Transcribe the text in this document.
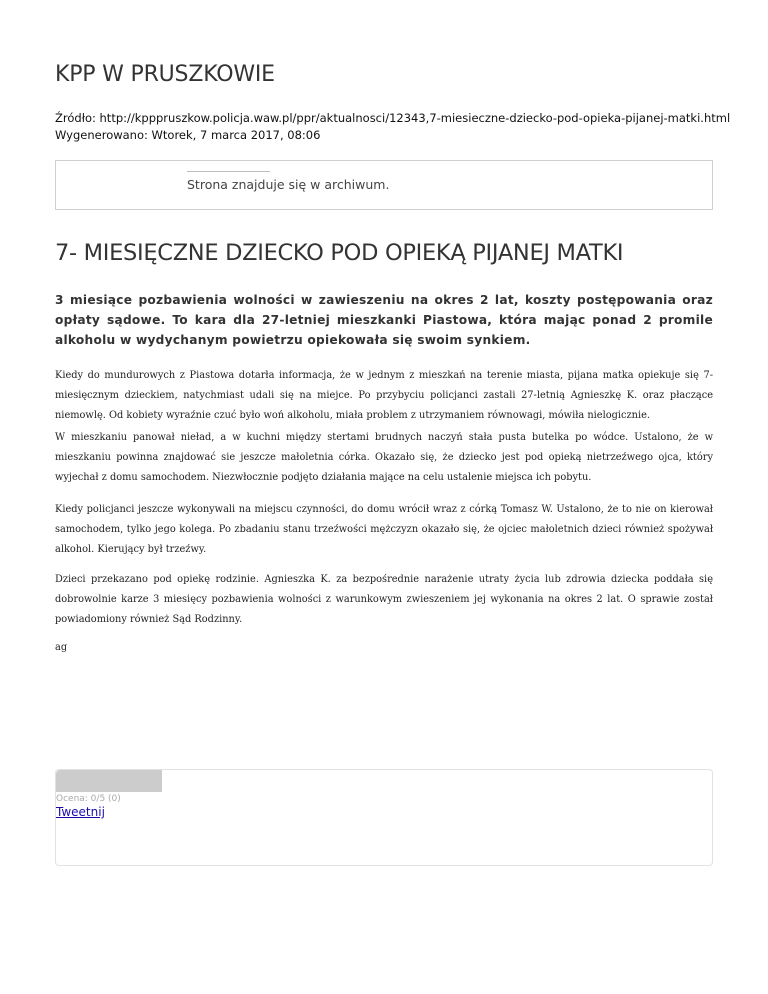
KPP W PRUSZKOWIE
Źródło: http://kpppruszkow.policja.waw.pl/ppr/aktualnosci/12343,7-miesieczne-dziecko-pod-opieka-pijanej-matki.html
Wygenerowano: Wtorek, 7 marca 2017, 08:06
Strona znajduje się w archiwum.
7- MIESIĘCZNE DZIECKO POD OPIEKĄ PIJANEJ MATKI

3 miesiące pozbawienia wolności w zawieszeniu na okres 2 lat, koszty postępowania oraz opłaty sądowe. To kara dla 27-letniej mieszkanki Piastowa, która mając ponad 2 promile alkoholu w wydychanym powietrzu opiekowała się swoim synkiem.

Kiedy do mundurowych z Piastowa dotarła informacja, że w jednym z mieszkań na terenie miasta, pijana matka opiekuje się 7-miesięcznym dzieckiem, natychmiast udali się na miejce. Po przybyciu policjanci zastali 27-letnią Agnieszkę K. oraz płaczące niemowlę. Od kobiety wyraźnie czuć było woń alkoholu, miała problem z utrzymaniem równowagi, mówiła nielogicznie.

W mieszkaniu panował nieład, a w kuchni między stertami brudnych naczyń stała pusta butelka po wódce. Ustalono, że w mieszkaniu powinna znajdować sie jeszcze małoletnia córka. Okazało się, że dziecko jest pod opieką nietrzeźwego ojca, który wyjechał z domu samochodem. Niezwłocznie podjęto działania mające na celu ustalenie miejsca ich pobytu.

Kiedy policjanci jeszcze wykonywali na miejscu czynności, do domu wrócił wraz z córką Tomasz W. Ustalono, że to nie on kierował samochodem, tylko jego kolega. Po zbadaniu stanu trzeźwości mężczyzn okazało się, że ojciec małoletnich dzieci również spożywał alkohol. Kierujący był trzeźwy.

Dzieci przekazano pod opiekę rodzinie. Agnieszka K. za bezpośrednie narażenie utraty życia lub zdrowia dziecka poddała się dobrowolnie karze 3 miesięcy pozbawienia wolności z warunkowym zwieszeniem jej wykonania na okres 2 lat. O sprawie został powiadomiony również Sąd Rodzinny.

ag

Ocena: 0/5 (0)
Tweetnij
